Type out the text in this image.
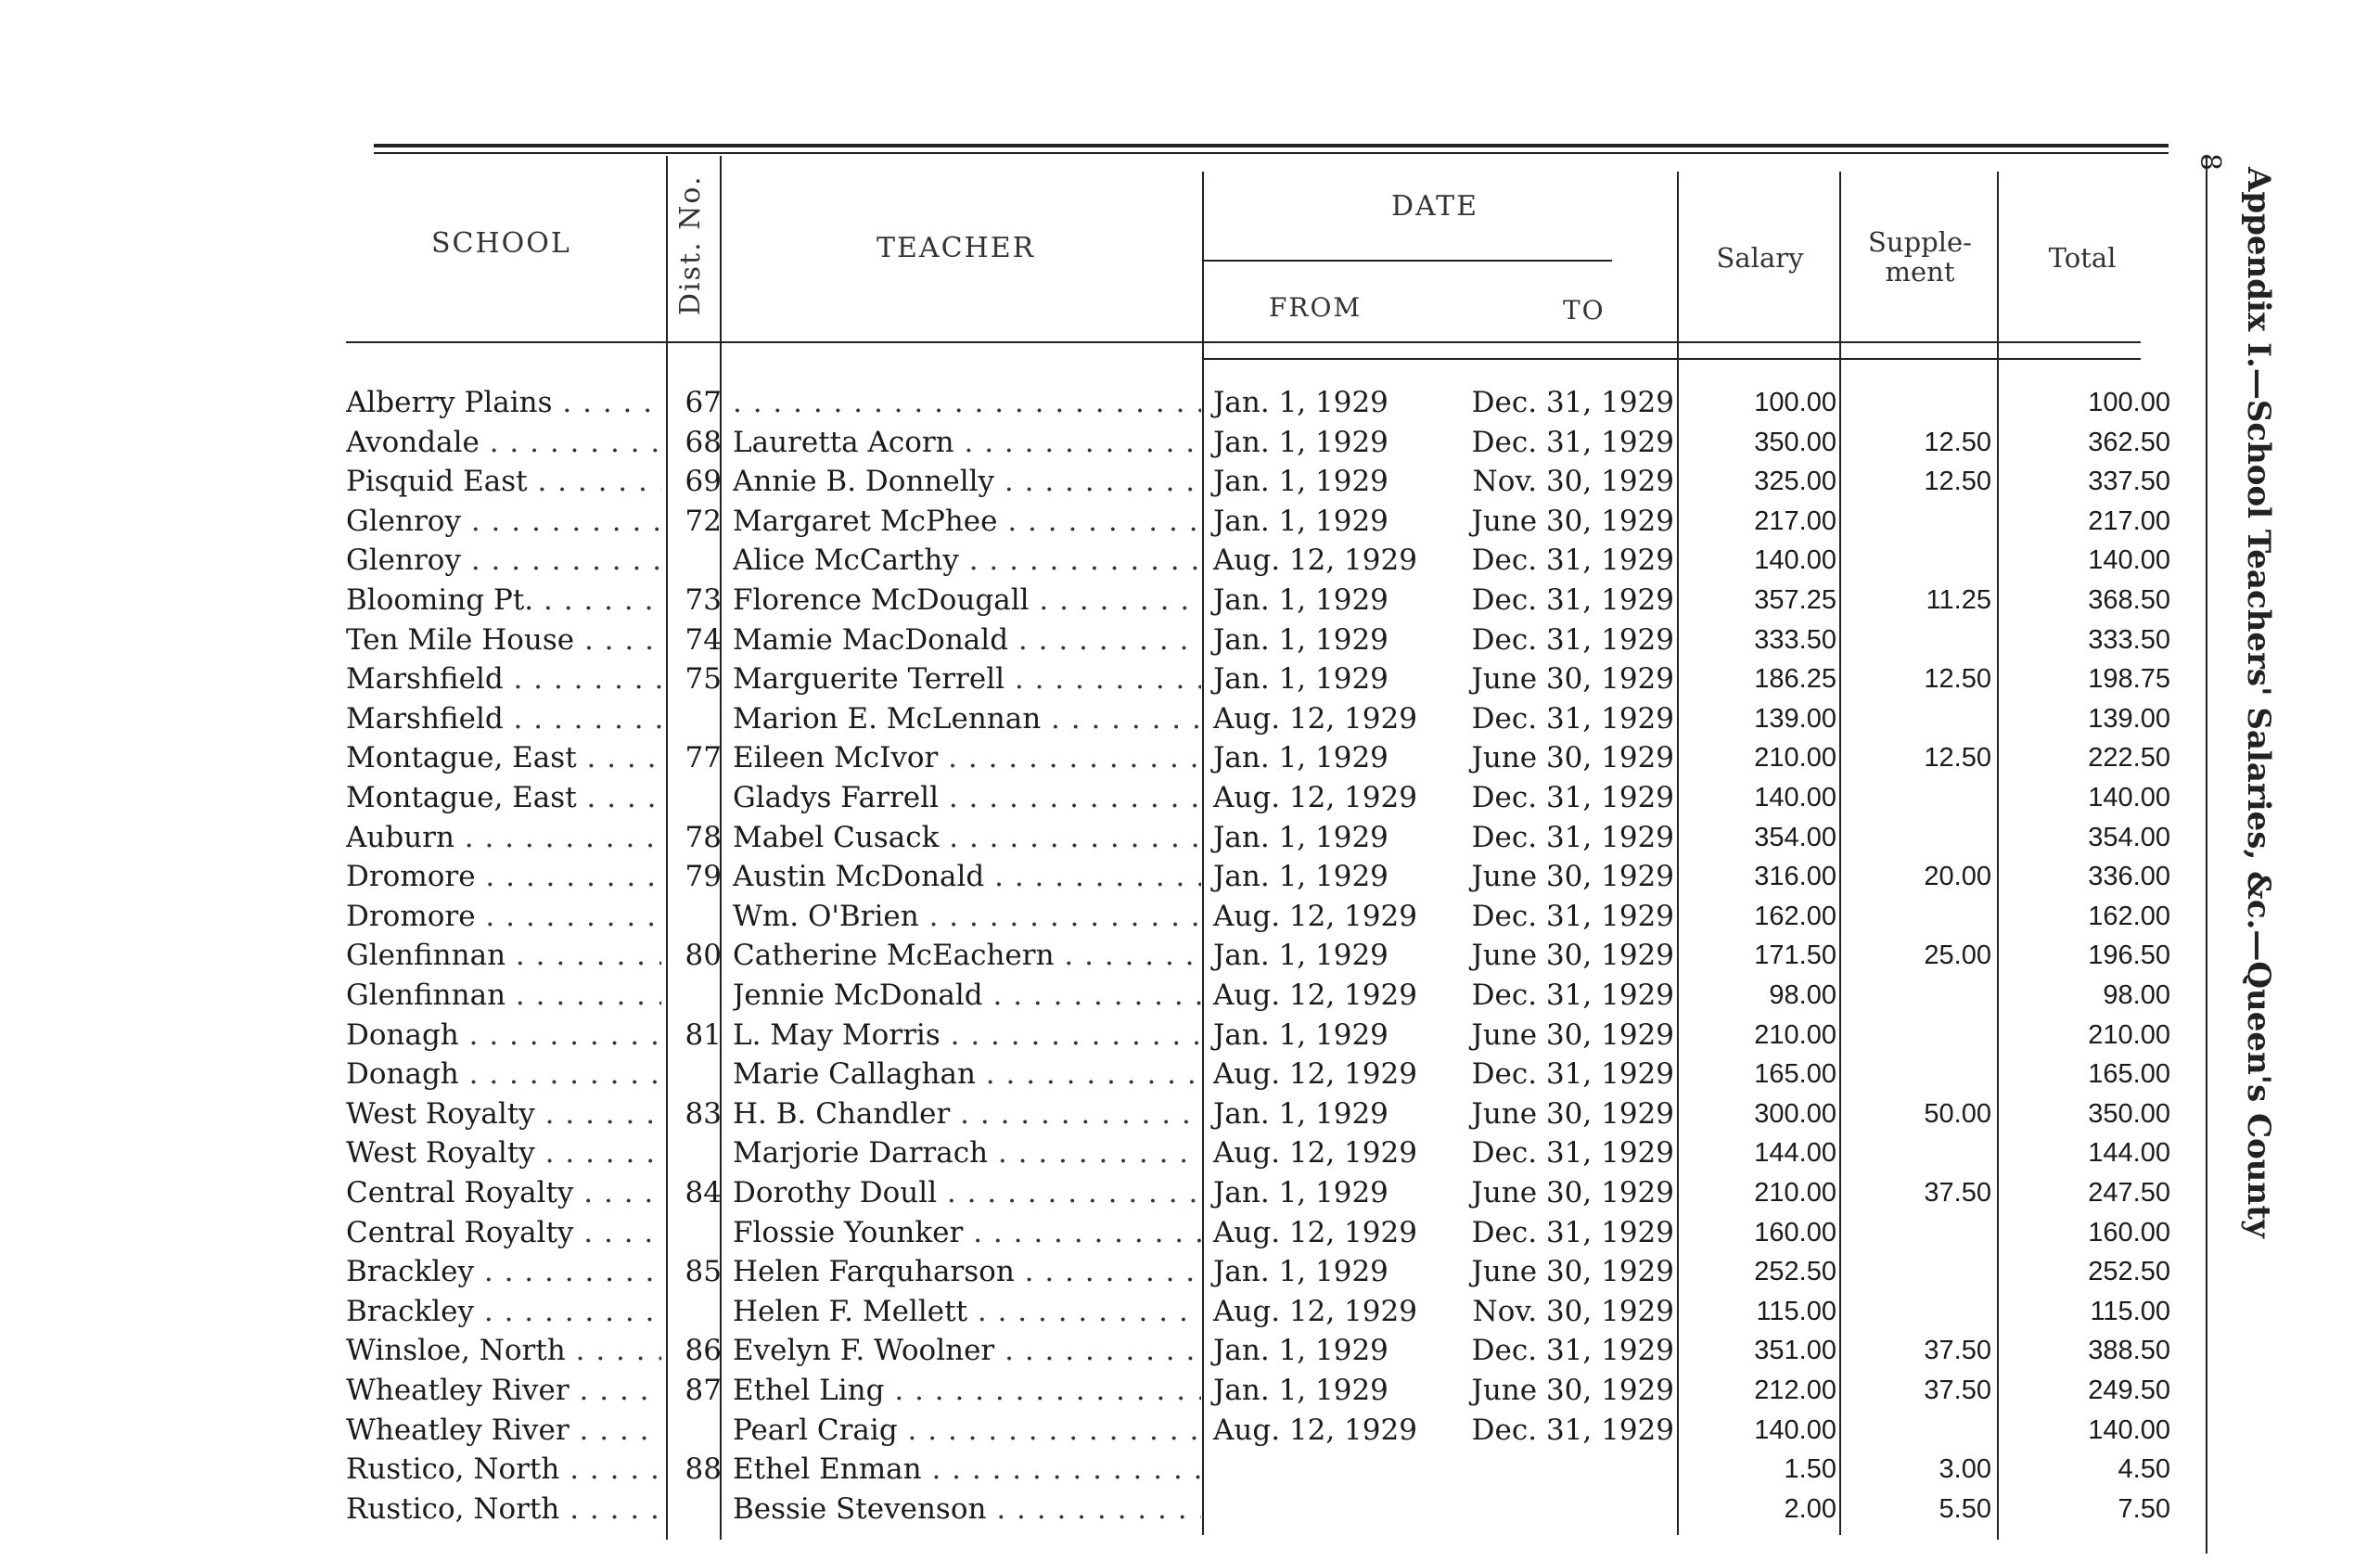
SCHOOL	Dist. No.	TEACHER
DATE
FROM	TO
Salary	Supple-
ment	Total
8
Appendix I.—School Teachers' Salaries, &c.—Queen's County
Alberry Plains . . .	67
. . .	Jan. 1, 1929	Dec. 31, 1929	100.00	100.00
Avondale . . .	68 Lauretta Acorn . . .	Jan. 1, 1929	Dec. 31, 1929	350.00	12.50	362.50
Pisquid East . . .	69 Annie B. Donnelly . . .	Jan. 1, 1929	Nov. 30, 1929	325.00	12.50	337.50
Glenroy . . .	72 Margaret McPhee . . .	Jan. 1, 1929	June 30, 1929	217.00	217.00
Glenroy . . .	Alice McCarthy . . .	Aug. 12, 1929	Dec. 31, 1929	140.00	140.00
Blooming Pt. . . .	73 Florence McDougall . . .	Jan. 1, 1929	Dec. 31, 1929	357.25	11.25	368.50
Ten Mile House . . .	74 Mamie MacDonald . . .	Jan. 1, 1929	Dec. 31, 1929	333.50	333.50
Marshfield . . .	75 Marguerite Terrell . . .	Jan. 1, 1929	June 30, 1929	186.25	12.50	198.75
Marshfield . . .	Marion E. McLennan . . .	Aug. 12, 1929	Dec. 31, 1929	139.00	139.00
Montague, East . . .	77 Eileen McIvor . . .	Jan. 1, 1929	June 30, 1929	210.00	12.50	222.50
Montague, East . . .	Gladys Farrell . . .	Aug. 12, 1929	Dec. 31, 1929	140.00	140.00
Auburn . . .	78 Mabel Cusack . . .	Jan. 1, 1929	Dec. 31, 1929	354.00	354.00
Dromore . . .	79 Austin McDonald . . .	Jan. 1, 1929	June 30, 1929	316.00	20.00	336.00
Dromore . . .	Wm. O'Brien . . .	Aug. 12, 1929	Dec. 31, 1929	162.00	162.00
Glenfinnan . . .	80 Catherine McEachern . . .	Jan. 1, 1929	June 30, 1929	171.50	25.00	196.50
Glenfinnan . . .	Jennie McDonald . . .	Aug. 12, 1929	Dec. 31, 1929	98.00	98.00
Donagh . . .	81 L. May Morris . . .	Jan. 1, 1929	June 30, 1929	210.00	210.00
Donagh . . .	Marie Callaghan . . .	Aug. 12, 1929	Dec. 31, 1929	165.00	165.00
West Royalty . . .	83 H. B. Chandler . . .	Jan. 1, 1929	June 30, 1929	300.00	50.00	350.00
West Royalty . . .	Marjorie Darrach . . .	Aug. 12, 1929	Dec. 31, 1929	144.00	144.00
Central Royalty . . .	84 Dorothy Doull . . .	Jan. 1, 1929	June 30, 1929	210.00	37.50	247.50
Central Royalty . . .	Flossie Younker . . .	Aug. 12, 1929	Dec. 31, 1929	160.00	160.00
Brackley . . .	85 Helen Farquharson . . .	Jan. 1, 1929	June 30, 1929	252.50	252.50
Brackley . . .	Helen F. Mellett . . .	Aug. 12, 1929	Nov. 30, 1929	115.00	115.00
Winsloe, North . . .	86 Evelyn F. Woolner . . .	Jan. 1, 1929	Dec. 31, 1929	351.00	37.50	388.50
Wheatley River . . .	87 Ethel Ling . . .	Jan. 1, 1929	June 30, 1929	212.00	37.50	249.50
Wheatley River . . .	Pearl Craig . . .	Aug. 12, 1929	Dec. 31, 1929	140.00	140.00
Rustico, North . . .	88 Ethel Enman . . .	1.50	3.00	4.50
Rustico, North . . .	Bessie Stevenson . . .	2.00	5.50	7.50
